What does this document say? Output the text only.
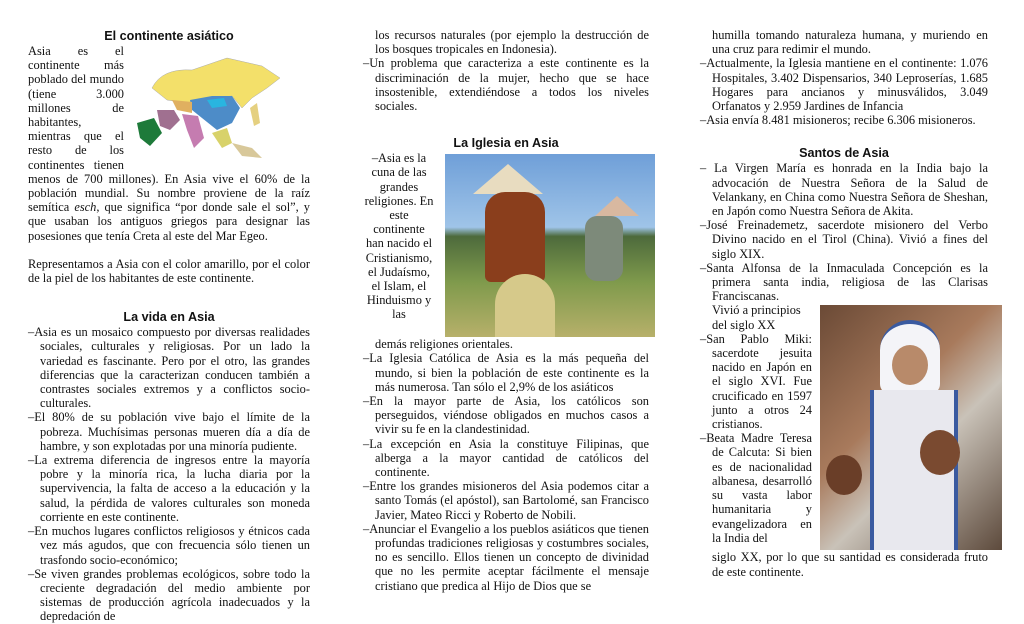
El continente asiático

Asia es el continente más poblado del mundo (tiene 3.000 millones de habitantes, mientras que el resto de los continentes tienen menos de 700 millones). En Asia vive el 60% de la población mundial. Su nombre proviene de la raíz semítica esch, que significa “por donde sale el sol”, y que usaban los antiguos griegos para designar las posesiones que tenía Creta al este del Mar Egeo.

Representamos a Asia con el color amarillo, por el color de la piel de los habitantes de este continente.

La vida en Asia

–Asia es un mosaico compuesto por diversas realidades sociales, culturales y religiosas. Por un lado la variedad es fascinante. Pero por el otro, las grandes diferencias que la caracterizan conducen también a contrastes sociales extremos y a conflictos socio-culturales.

–El 80% de su población vive bajo el límite de la pobreza. Muchísimas personas mueren día a día de hambre, y son explotadas por una minoría pudiente.

–La extrema diferencia de ingresos entre la mayoría pobre y la minoría rica, la lucha diaria por la supervivencia, la falta de acceso a la educación y la salud, la pérdida de valores culturales son moneda corriente en este continente.

–En muchos lugares conflictos religiosos y étnicos cada vez más agudos, que con frecuencia sólo tienen un trasfondo socio-económico;

–Se viven grandes problemas ecológicos, sobre todo la creciente degradación del medio ambiente por sistemas de producción agrícola inadecuados y la depredación de

los recursos naturales (por ejemplo la destrucción de los bosques tropicales en Indonesia).

–Un problema que caracteriza a este continente es la discriminación de la mujer, hecho que se hace insostenible, extendiéndose a todos los niveles sociales.

La Iglesia en Asia

–Asia es la cuna de las grandes religiones. En este continente han nacido el Cristianismo, el Judaísmo, el Islam, el Hinduismo y las

demás religiones orientales.

–La Iglesia Católica de Asia es la más pequeña del mundo, si bien la población de este continente es la más numerosa. Tan sólo el 2,9% de los asiáticos

–En la mayor parte de Asia, los católicos son perseguidos, viéndose obligados en muchos casos a vivir su fe en la clandestinidad.

–La excepción en Asia la constituye Filipinas, que alberga a la mayor cantidad de católicos del continente.

–Entre los grandes misioneros del Asia podemos citar a santo Tomás (el apóstol), san Bartolomé, san Francisco Javier, Mateo Ricci y Roberto de Nobili.

–Anunciar el Evangelio a los pueblos asiáticos que tienen profundas tradiciones religiosas y costumbres sociales, no es sencillo. Ellos tienen un concepto de divinidad que no les permite aceptar fácilmente el mensaje cristiano que predica al Hijo de Dios que se

humilla tomando naturaleza humana, y muriendo en una cruz para redimir el mundo.

–Actualmente, la Iglesia mantiene en el continente: 1.076 Hospitales, 3.402 Dispensarios, 340 Leproserías, 1.685 Hogares para ancianos y minusválidos, 3.049 Orfanatos y 2.959 Jardines de Infancia

–Asia envía 8.481 misioneros; recibe 6.306 misioneros.

Santos de Asia

– La Virgen María es honrada en la India bajo la advocación de Nuestra Señora de la Salud de Velankany, en China como Nuestra Señora de Sheshan, en Japón como Nuestra Señora de Akita.

–José Freinademetz, sacerdote misionero del Verbo Divino nacido en el Tirol (China). Vivió a fines del siglo XIX.

–Santa Alfonsa de la Inmaculada Concepción es la primera santa india, religiosa de las Clarisas Franciscanas.

Vivió a principios del siglo XX

–San Pablo Miki: sacerdote jesuita nacido en Japón en el siglo XVI. Fue crucificado en 1597 junto a otros 24 cristianos.

–Beata Madre Teresa de Calcuta: Si bien es de nacionalidad albanesa, desarrolló su vasta labor humanitaria y evangelizadora en la India del

siglo XX, por lo que su santidad es considerada fruto de este continente.
